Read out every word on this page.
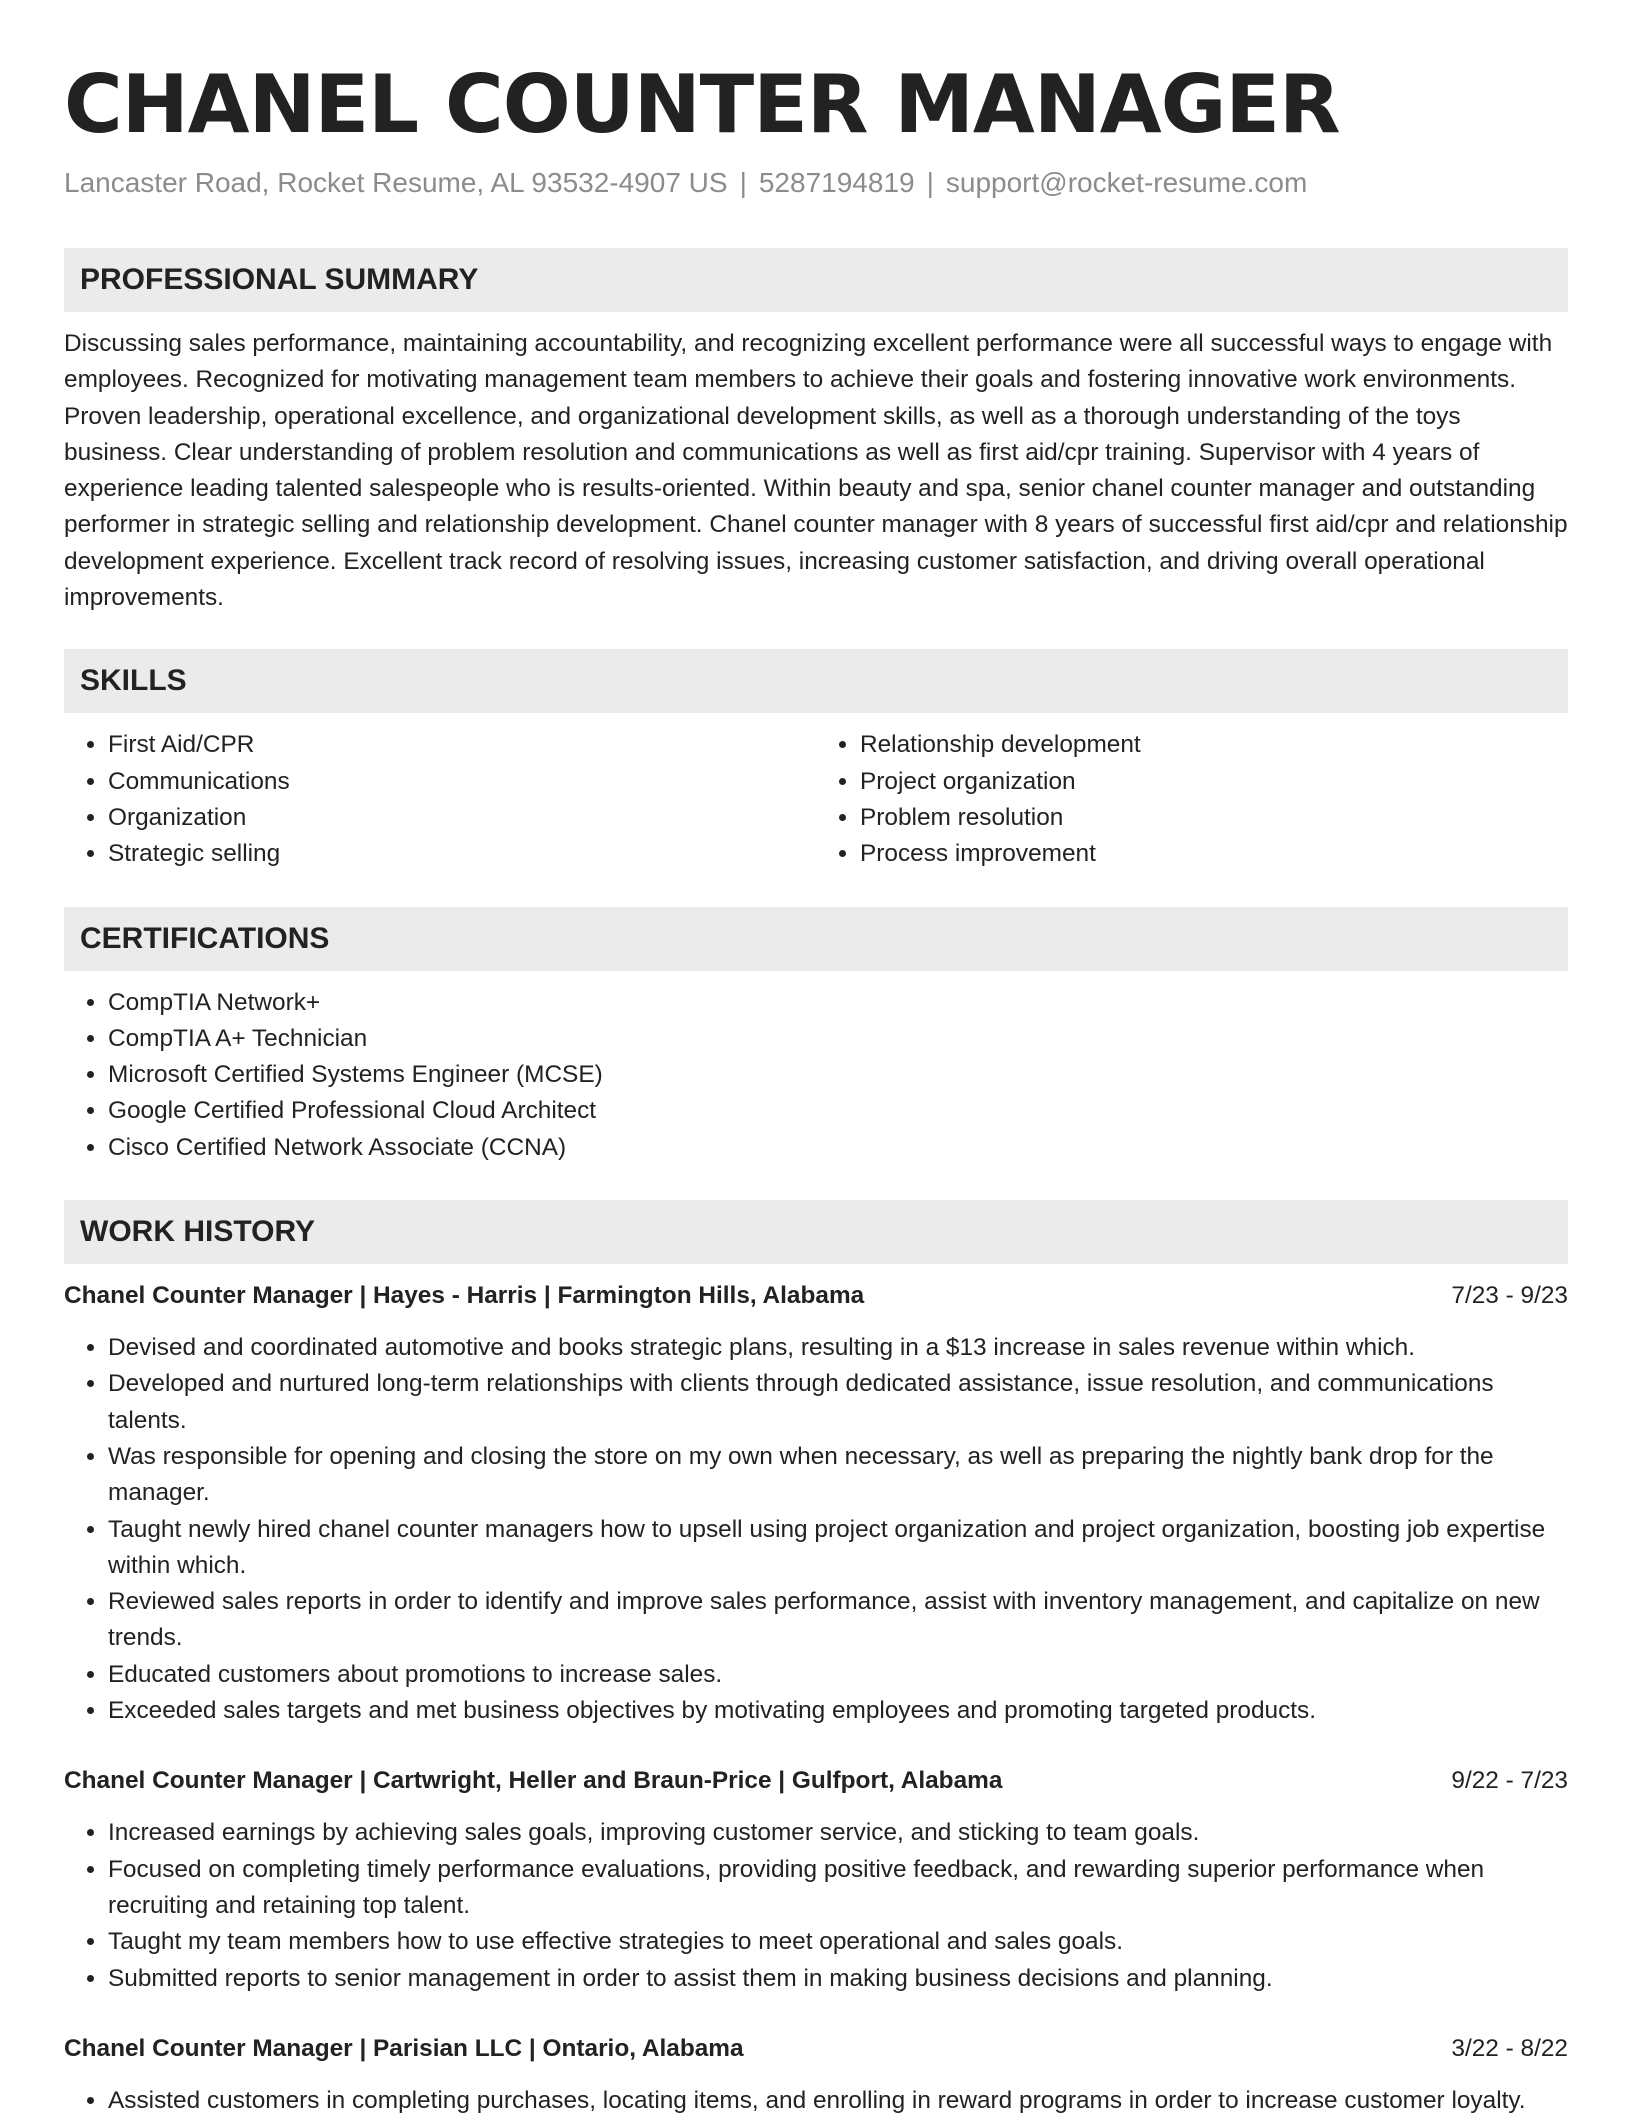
CHANEL COUNTER MANAGER
Lancaster Road, Rocket Resume, AL 93532-4907 US | 5287194819 | support@rocket-resume.com
PROFESSIONAL SUMMARY
Discussing sales performance, maintaining accountability, and recognizing excellent performance were all successful ways to engage with employees. Recognized for motivating management team members to achieve their goals and fostering innovative work environments. Proven leadership, operational excellence, and organizational development skills, as well as a thorough understanding of the toys business. Clear understanding of problem resolution and communications as well as first aid/cpr training. Supervisor with 4 years of experience leading talented salespeople who is results-oriented. Within beauty and spa, senior chanel counter manager and outstanding performer in strategic selling and relationship development. Chanel counter manager with 8 years of successful first aid/cpr and relationship development experience. Excellent track record of resolving issues, increasing customer satisfaction, and driving overall operational improvements.
SKILLS
• First Aid/CPR
• Communications
• Organization
• Strategic selling
• Relationship development
• Project organization
• Problem resolution
• Process improvement
CERTIFICATIONS
• CompTIA Network+
• CompTIA A+ Technician
• Microsoft Certified Systems Engineer (MCSE)
• Google Certified Professional Cloud Architect
• Cisco Certified Network Associate (CCNA)
WORK HISTORY
Chanel Counter Manager | Hayes - Harris | Farmington Hills, Alabama	7/23 - 9/23
• Devised and coordinated automotive and books strategic plans, resulting in a $13 increase in sales revenue within which.
• Developed and nurtured long-term relationships with clients through dedicated assistance, issue resolution, and communications talents.
• Was responsible for opening and closing the store on my own when necessary, as well as preparing the nightly bank drop for the manager.
• Taught newly hired chanel counter managers how to upsell using project organization and project organization, boosting job expertise within which.
• Reviewed sales reports in order to identify and improve sales performance, assist with inventory management, and capitalize on new trends.
• Educated customers about promotions to increase sales.
• Exceeded sales targets and met business objectives by motivating employees and promoting targeted products.
Chanel Counter Manager | Cartwright, Heller and Braun-Price | Gulfport, Alabama	9/22 - 7/23
• Increased earnings by achieving sales goals, improving customer service, and sticking to team goals.
• Focused on completing timely performance evaluations, providing positive feedback, and rewarding superior performance when recruiting and retaining top talent.
• Taught my team members how to use effective strategies to meet operational and sales goals.
• Submitted reports to senior management in order to assist them in making business decisions and planning.
Chanel Counter Manager | Parisian LLC | Ontario, Alabama	3/22 - 8/22
• Assisted customers in completing purchases, locating items, and enrolling in reward programs in order to increase customer loyalty.
